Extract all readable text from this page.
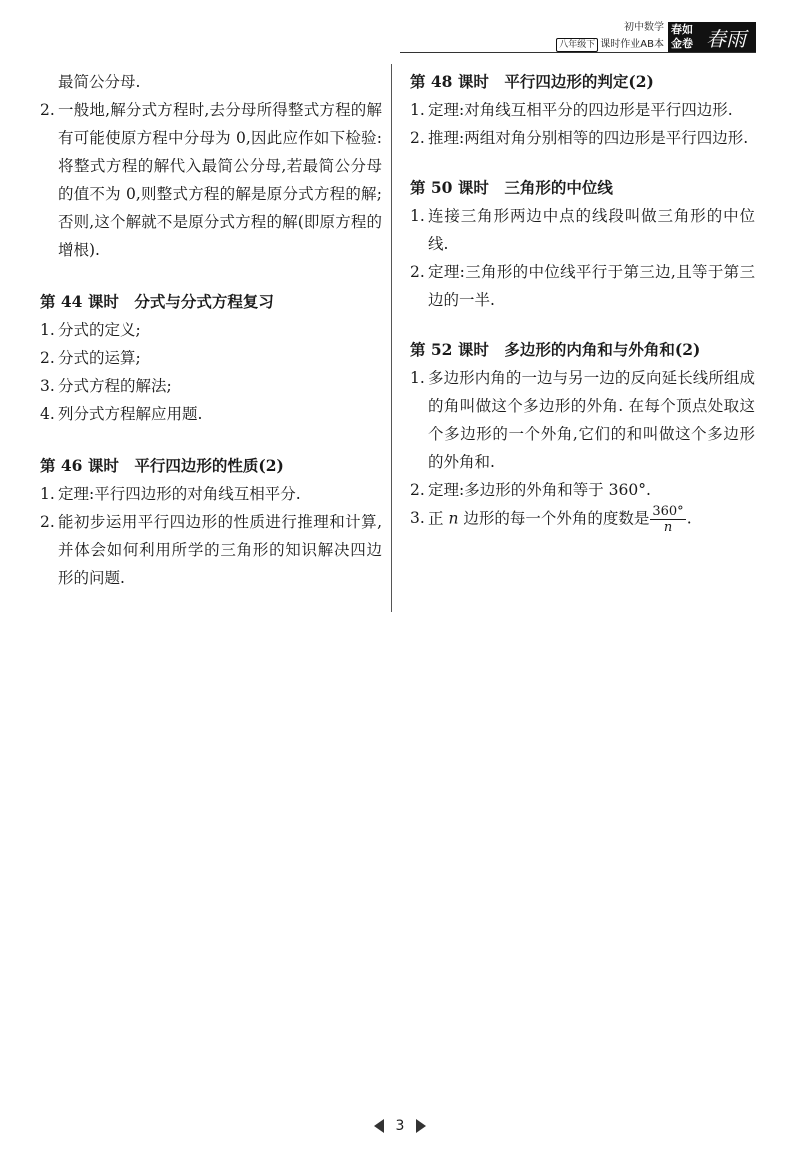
初中数学
八年级下 课时作业AB本
春如
金卷 春雨
最简公分母.
2. 一般地,解分式方程时,去分母所得整式方程的解有可能使原方程中分母为 0,因此应作如下检验:将整式方程的解代入最简公分母,若最简公分母的值不为 0,则整式方程的解是原分式方程的解;否则,这个解就不是原分式方程的解(即原方程的增根).
第 44 课时　分式与分式方程复习
1. 分式的定义;
2. 分式的运算;
3. 分式方程的解法;
4. 列分式方程解应用题.
第 46 课时　平行四边形的性质(2)
1. 定理:平行四边形的对角线互相平分.
2. 能初步运用平行四边形的性质进行推理和计算,并体会如何利用所学的三角形的知识解决四边形的问题.
第 48 课时　平行四边形的判定(2)
1. 定理:对角线互相平分的四边形是平行四边形.
2. 推理:两组对角分别相等的四边形是平行四边形.
第 50 课时　三角形的中位线
1. 连接三角形两边中点的线段叫做三角形的中位线.
2. 定理:三角形的中位线平行于第三边,且等于第三边的一半.
第 52 课时　多边形的内角和与外角和(2)
1. 多边形内角的一边与另一边的反向延长线所组成的角叫做这个多边形的外角. 在每个顶点处取这个多边形的一个外角,它们的和叫做这个多边形的外角和.
2. 定理:多边形的外角和等于 360°.
3. 正 n 边形的每一个外角的度数是 $\frac{360^\circ}{n}$ .
3
